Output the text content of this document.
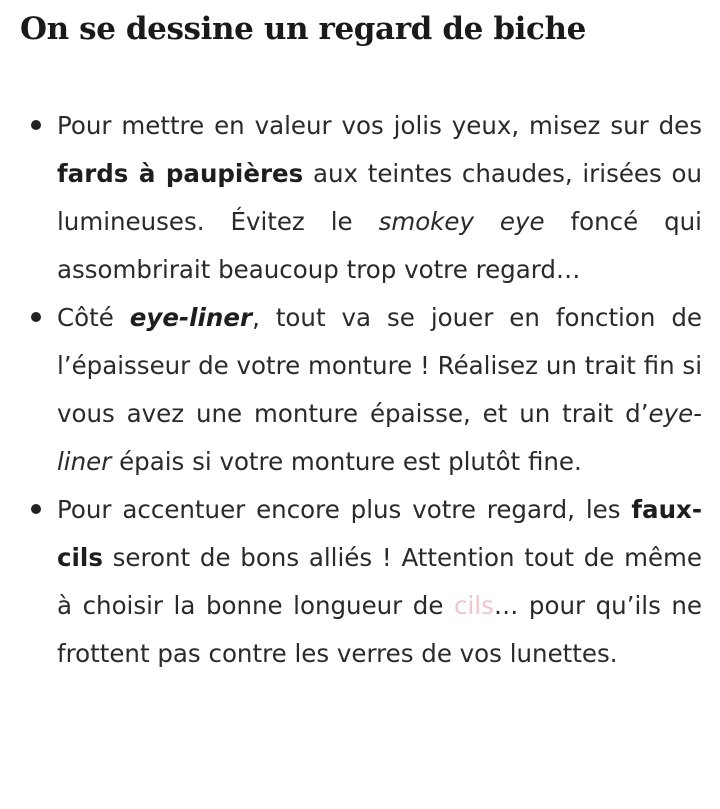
On se dessine un regard de biche
Pour mettre en valeur vos jolis yeux, misez sur des fards à paupières aux teintes chaudes, irisées ou lumineuses. Évitez le smokey eye foncé qui assombrirait beaucoup trop votre regard…
Côté eye-liner, tout va se jouer en fonction de l’épaisseur de votre monture ! Réalisez un trait fin si vous avez une monture épaisse, et un trait d’eye-liner épais si votre monture est plutôt fine.
Pour accentuer encore plus votre regard, les faux-cils seront de bons alliés ! Attention tout de même à choisir la bonne longueur de cils… pour qu’ils ne frottent pas contre les verres de vos lunettes.
